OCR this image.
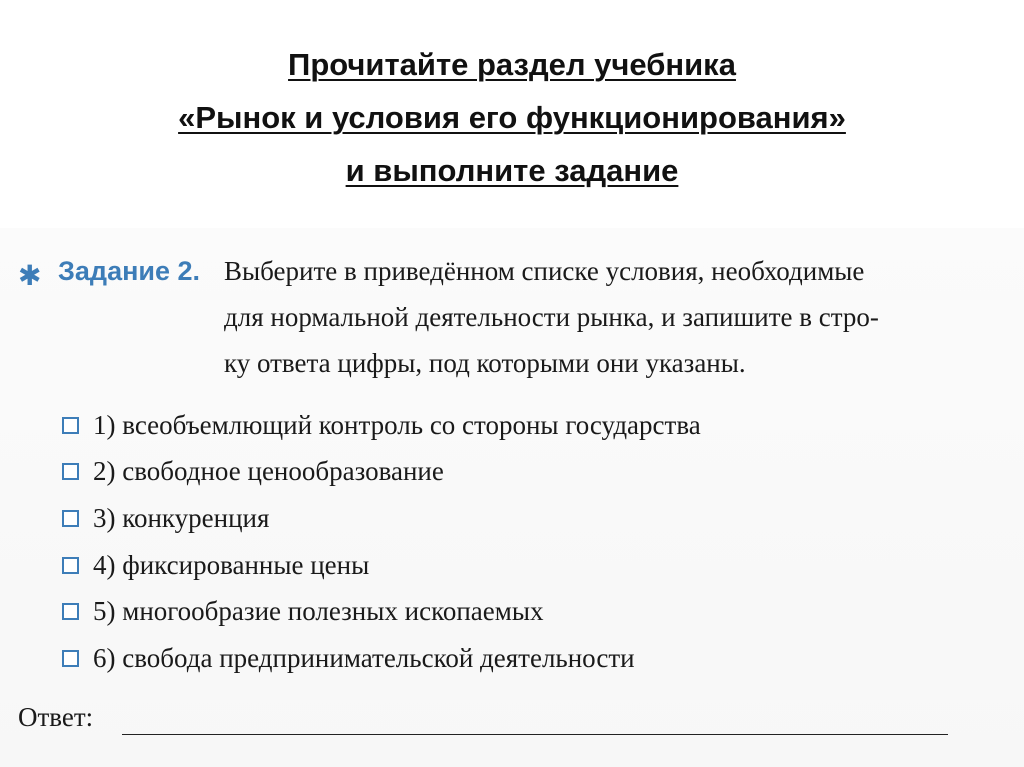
Прочитайте раздел учебника
«Рынок и условия его функционирования»
и выполните задание
✱ Задание 2. Выберите в приведённом списке условия, необходимые
для нормальной деятельности рынка, и запишите в стро-
ку ответа цифры, под которыми они указаны.
1) всеобъемлющий контроль со стороны государства
2) свободное ценообразование
3) конкуренция
4) фиксированные цены
5) многообразие полезных ископаемых
6) свобода предпринимательской деятельности
Ответ:
